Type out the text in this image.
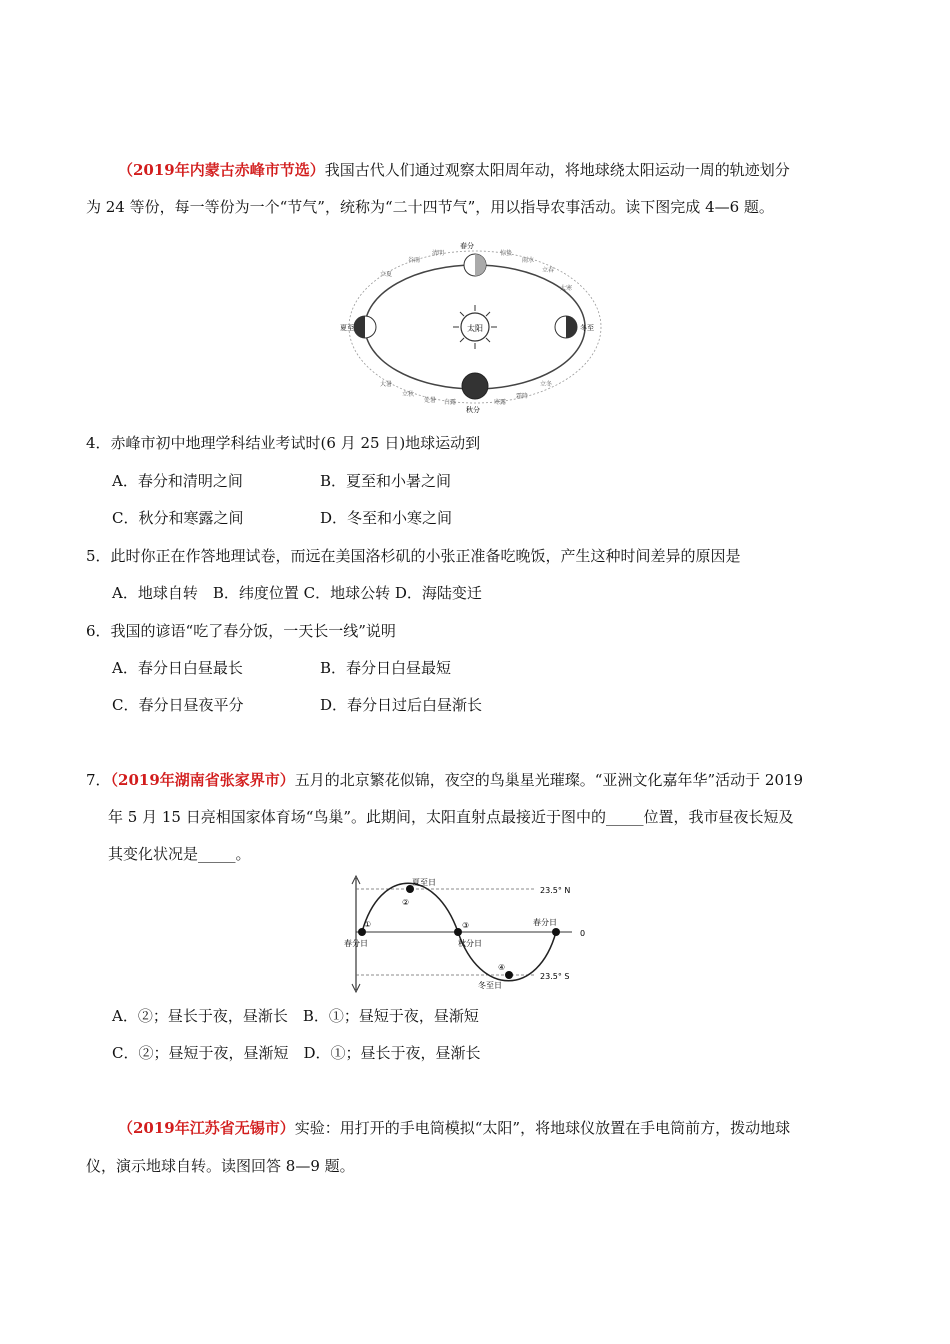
（2019年内蒙古赤峰市节选）我国古代人们通过观察太阳周年动，将地球绕太阳运动一周的轨迹划分
为 24 等份，每一等份为一个“节气”，统称为“二十四节气”，用以指导农事活动。读下图完成 4—6 题。
太阳
春分
夏至
秋分
冬至
立夏
谷雨
清明	惊蛰
雨水
立春
大寒
大暑
立秋
处暑 白露	寒露
霜降
立冬
4．赤峰市初中地理学科结业考试时(6 月 25 日)地球运动到
A．春分和清明之间	B．夏至和小暑之间
C．秋分和寒露之间	D．冬至和小寒之间
5．此时你正在作答地理试卷，而远在美国洛杉矶的小张正准备吃晚饭，产生这种时间差异的原因是
A．地球自转　B．纬度位置 C．地球公转 D．海陆变迁
6．我国的谚语“吃了春分饭，一天长一线”说明
A．春分日白昼最长	B．春分日白昼最短
C．春分日昼夜平分	D．春分日过后白昼渐长
7．（2019年湖南省张家界市）五月的北京繁花似锦，夜空的鸟巢星光璀璨。“亚洲文化嘉年华”活动于 2019
年 5 月 15 日亮相国家体育场“鸟巢”。此期间，太阳直射点最接近于图中的_____位置，我市昼夜长短及
其变化状况是_____。
①
②
③
④
夏至日
春分日	秋分日
春分日
冬至日
23.5° N
0
23.5° S
A．②；昼长于夜，昼渐长　B．①；昼短于夜，昼渐短
C．②；昼短于夜，昼渐短　D．①；昼长于夜，昼渐长
（2019年江苏省无锡市）实验：用打开的手电筒模拟“太阳”，将地球仪放置在手电筒前方，拨动地球
仪，演示地球自转。读图回答 8—9 题。
